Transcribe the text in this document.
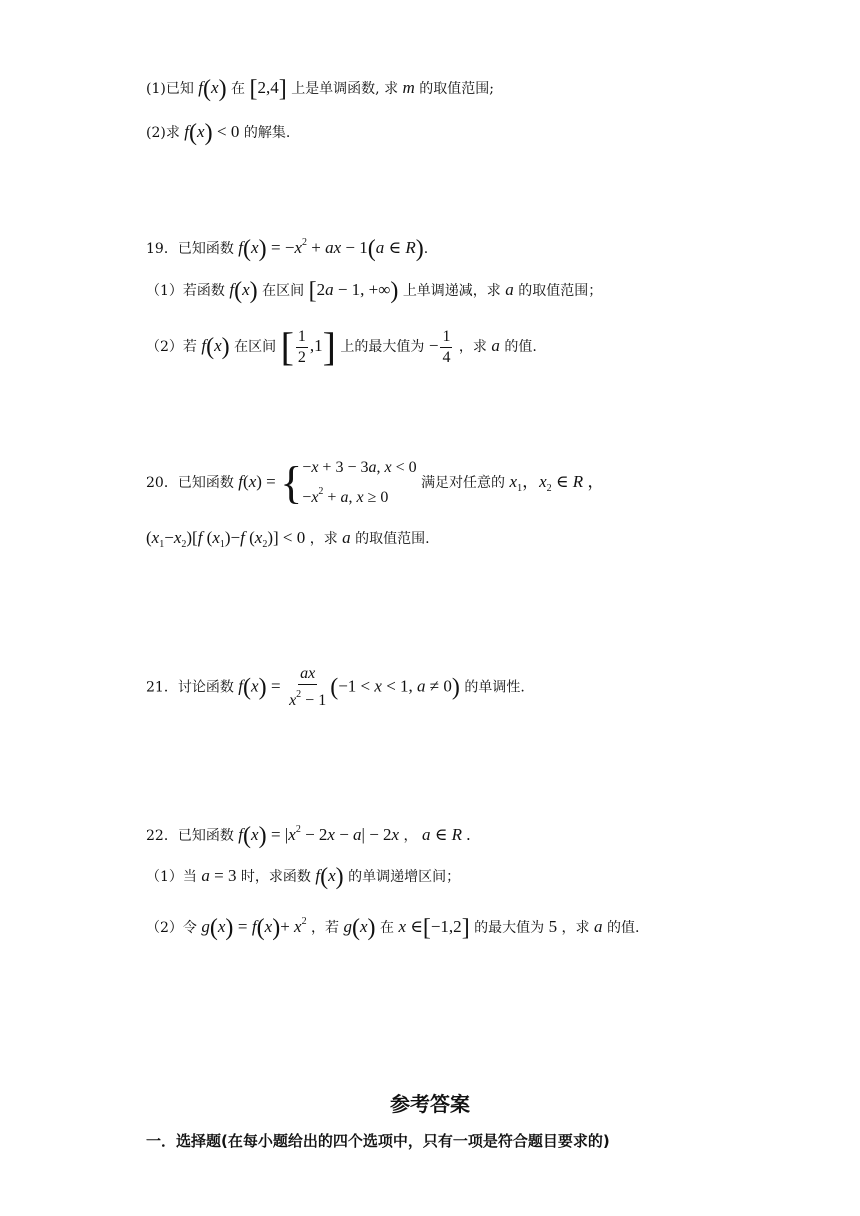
(1)已知 f(x) 在 [2,4] 上是单调函数, 求 m 的取值范围;
(2)求 f(x) < 0 的解集.
19．已知函数 $f(x) = -x^2$ + ax − 1(a ∈ R).
（1）若函数 f(x) 在区间 [2a − 1, +∞) 上单调递减，求 a 的取值范围；
（2）若 f(x) 在区间 [ $\frac{1}{2} ,1$] 上的最大值为 − $\frac{1}{4}$ ，求 a 的值.
20．已知函数 f(x) = { −x + 3 − 3a, x < 0
$-x^2 + a$, x ≥ 0
满足对任意的 $x_1$，$x_2$ ∈ R ，
$(x_1-x_2)[f$ $(x_1)-f$ $(x_2)] < 0$ ，求 a 的取值范围.
21．讨论函数 $f(x) = \frac{ax}{x^2 - 1} (-1 < x < 1$, a ≠ 0) 的单调性.
22．已知函数 $f(x) = |x^2 - 2x - a| - 2x$ ， a ∈ R .
（1）当 a = 3 时，求函数 f(x) 的单调递增区间；
（2）令 $g(x) = f(x)+ x^2$ ，若 g(x) 在 x ∈[−1,2] 的最大值为 5 ，求 a 的值.
参考答案
一．选择题(在每小题给出的四个选项中，只有一项是符合题目要求的)
